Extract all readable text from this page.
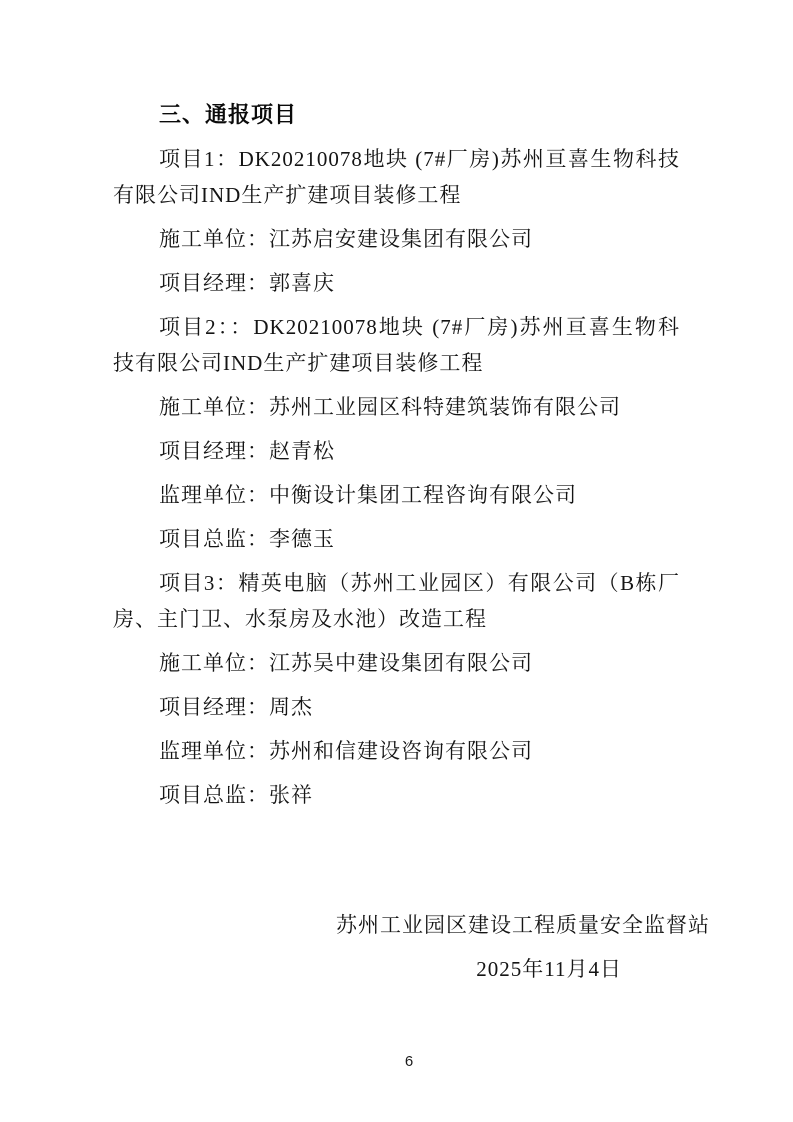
三、通报项目

项目1：DK20210078地块 (7#厂房)苏州亘喜生物科技有限公司IND生产扩建项目装修工程

施工单位：江苏启安建设集团有限公司

项目经理：郭喜庆

项目2：：DK20210078地块 (7#厂房)苏州亘喜生物科技有限公司IND生产扩建项目装修工程

施工单位：苏州工业园区科特建筑装饰有限公司

项目经理：赵青松

监理单位：中衡设计集团工程咨询有限公司

项目总监：李德玉

项目3：精英电脑（苏州工业园区）有限公司（B栋厂房、主门卫、水泵房及水池）改造工程

施工单位：江苏吴中建设集团有限公司

项目经理：周杰

监理单位：苏州和信建设咨询有限公司

项目总监：张祥

苏州工业园区建设工程质量安全监督站

2025年11月4日

6
